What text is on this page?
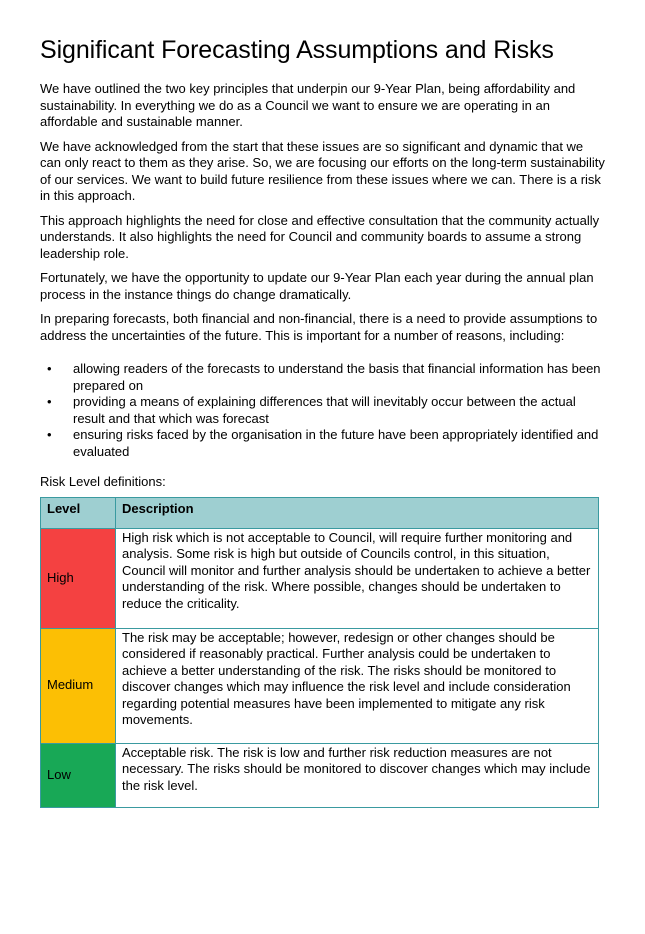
Significant Forecasting Assumptions and Risks

We have outlined the two key principles that underpin our 9-Year Plan, being affordability and sustainability. In everything we do as a Council we want to ensure we are operating in an affordable and sustainable manner.

We have acknowledged from the start that these issues are so significant and dynamic that we can only react to them as they arise. So, we are focusing our efforts on the long-term sustainability of our services. We want to build future resilience from these issues where we can. There is a risk in this approach.

This approach highlights the need for close and effective consultation that the community actually understands. It also highlights the need for Council and community boards to assume a strong leadership role.

Fortunately, we have the opportunity to update our 9-Year Plan each year during the annual plan process in the instance things do change dramatically.

In preparing forecasts, both financial and non-financial, there is a need to provide assumptions to address the uncertainties of the future. This is important for a number of reasons, including:

• allowing readers of the forecasts to understand the basis that financial information has been prepared on
• providing a means of explaining differences that will inevitably occur between the actual result and that which was forecast
• ensuring risks faced by the organisation in the future have been appropriately identified and evaluated

Risk Level definitions:

Level	Description
High	High risk which is not acceptable to Council, will require further monitoring and analysis. Some risk is high but outside of Councils control, in this situation, Council will monitor and further analysis should be undertaken to achieve a better understanding of the risk. Where possible, changes should be undertaken to reduce the criticality.
Medium	The risk may be acceptable; however, redesign or other changes should be considered if reasonably practical. Further analysis could be undertaken to achieve a better understanding of the risk. The risks should be monitored to discover changes which may influence the risk level and include consideration regarding potential measures have been implemented to mitigate any risk movements.
Low	Acceptable risk. The risk is low and further risk reduction measures are not necessary. The risks should be monitored to discover changes which may include the risk level.
